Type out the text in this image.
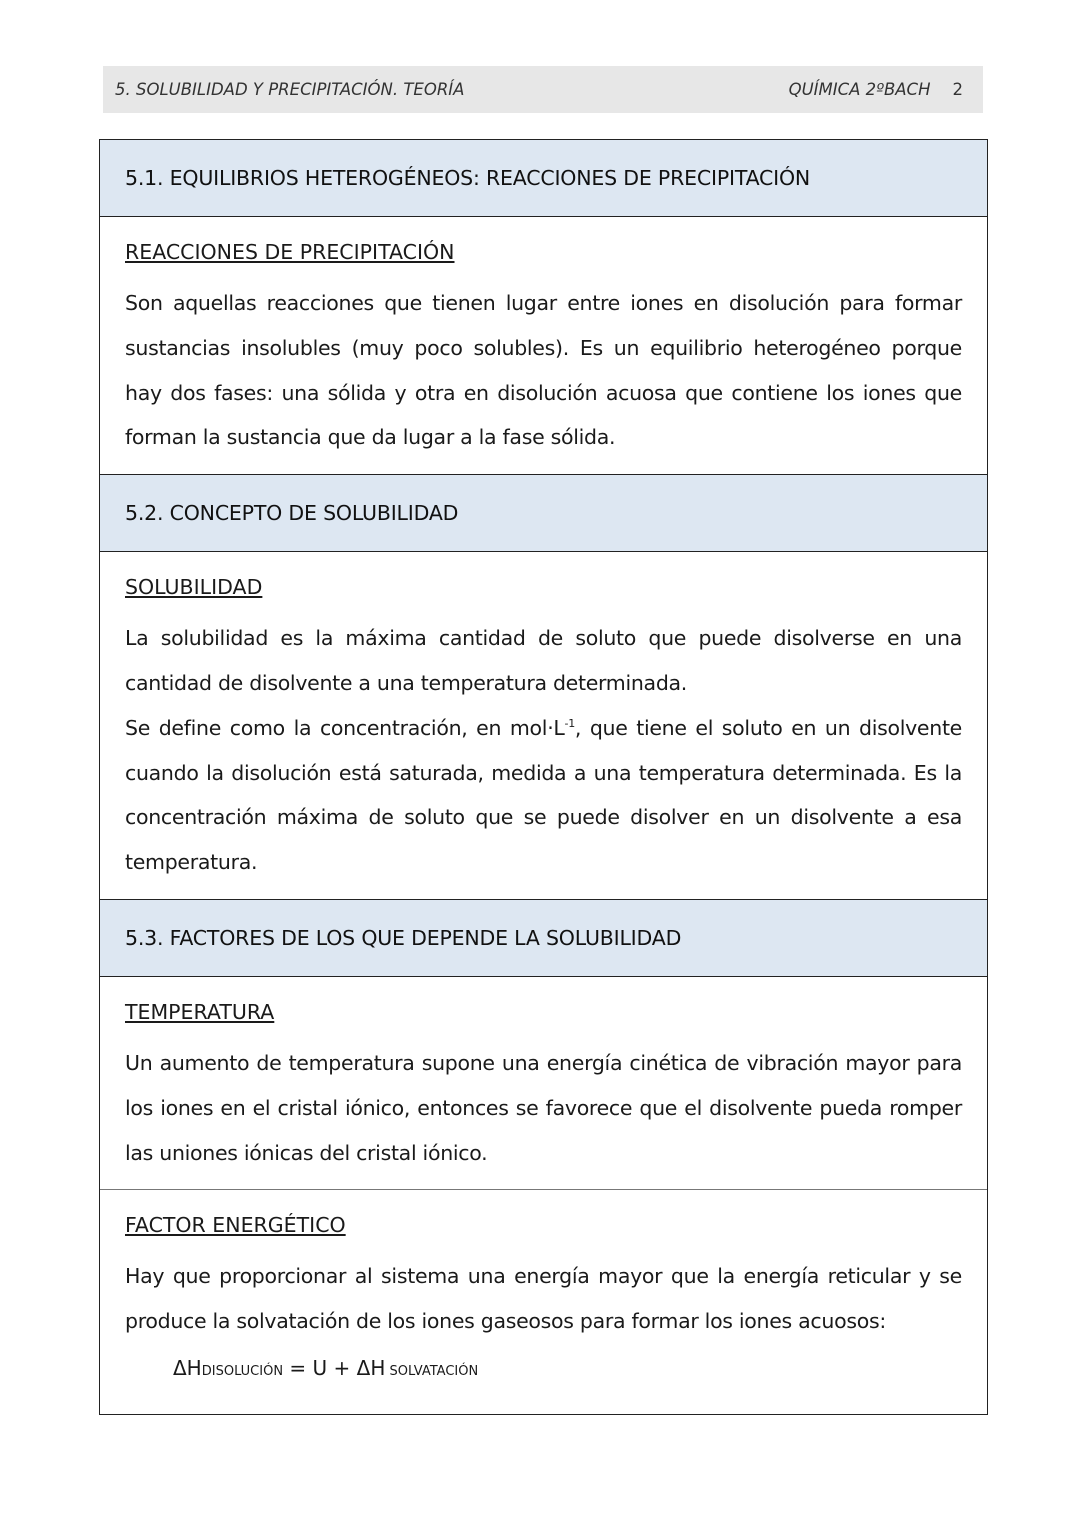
5. SOLUBILIDAD Y PRECIPITACIÓN. TEORÍA	QUÍMICA 2ºBACH 2
5.1. EQUILIBRIOS HETEROGÉNEOS: REACCIONES DE PRECIPITACIÓN
REACCIONES DE PRECIPITACIÓN

Son aquellas reacciones que tienen lugar entre iones en disolución para formar sustancias insolubles (muy poco solubles). Es un equilibrio heterogéneo porque hay dos fases: una sólida y otra en disolución acuosa que contiene los iones que forman la sustancia que da lugar a la fase sólida.

5.2. CONCEPTO DE SOLUBILIDAD
SOLUBILIDAD

La solubilidad es la máxima cantidad de soluto que puede disolverse en una cantidad de disolvente a una temperatura determinada.

Se define como la concentración, en $mol\cdot L^{-1}$, que tiene el soluto en un disolvente cuando la disolución está saturada, medida a una temperatura determinada. Es la concentración máxima de soluto que se puede disolver en un disolvente a esa temperatura.

5.3. FACTORES DE LOS QUE DEPENDE LA SOLUBILIDAD
TEMPERATURA

Un aumento de temperatura supone una energía cinética de vibración mayor para los iones en el cristal iónico, entonces se favorece que el disolvente pueda romper las uniones iónicas del cristal iónico.

FACTOR ENERGÉTICO

Hay que proporcionar al sistema una energía mayor que la energía reticular y se produce la solvatación de los iones gaseosos para formar los iones acuosos:

ΔHDISOLUCIÓN = U + ΔH SOLVATACIÓN
